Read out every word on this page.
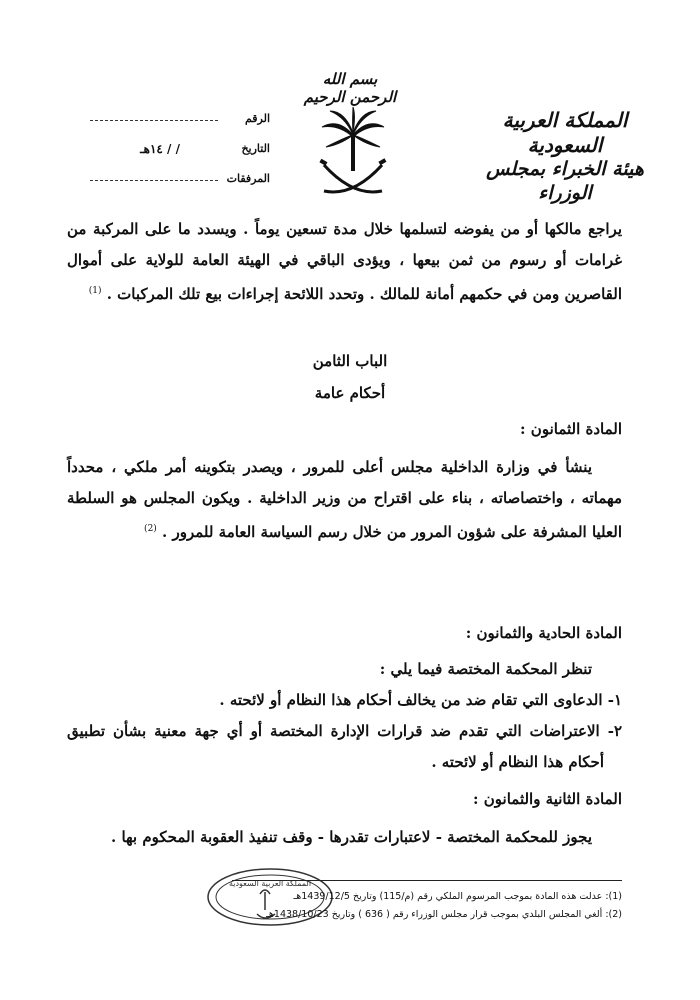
بسم الله الرحمن الرحيم
المملكة العربية السعودية
هيئة الخبراء بمجلس الوزراء
الرقم
التاريخ
/ / ١٤هـ
المرفقات
يراجع مالكها أو من يفوضه لتسلمها خلال مدة تسعين يوماً . ويسدد ما على المركبة من غرامات أو رسوم من ثمن بيعها ، ويؤدى الباقي في الهيئة العامة للولاية على أموال القاصرين ومن في حكمهم أمانة للمالك . وتحدد اللائحة إجراءات بيع تلك المركبات . $^{(1)}$
الباب الثامن
أحكام عامة
المادة الثمانون :
ينشأ في وزارة الداخلية مجلس أعلى للمرور ، ويصدر بتكوينه أمر ملكي ، محدداً مهماته ، واختصاصاته ، بناء على اقتراح من وزير الداخلية . ويكون المجلس هو السلطة العليا المشرفة على شؤون المرور من خلال رسم السياسة العامة للمرور . $^{(2)}$
المادة الحادية والثمانون :
تنظر المحكمة المختصة فيما يلي :
١- الدعاوى التي تقام ضد من يخالف أحكام هذا النظام أو لائحته .
٢- الاعتراضات التي تقدم ضد قرارات الإدارة المختصة أو أي جهة معنية بشأن تطبيق أحكام هذا النظام أو لائحته .
المادة الثانية والثمانون :
يجوز للمحكمة المختصة - لاعتبارات تقدرها - وقف تنفيذ العقوبة المحكوم بها .
المملكة العربية السعودية
(1): عدلت هذه المادة بموجب المرسوم الملكي رقم (م/115) وتاريخ 1439/12/5هـ
(2): ألغي المجلس البلدي بموجب قرار مجلس الوزراء رقم ( 636 ) وتاريخ 1438/10/23هـ
